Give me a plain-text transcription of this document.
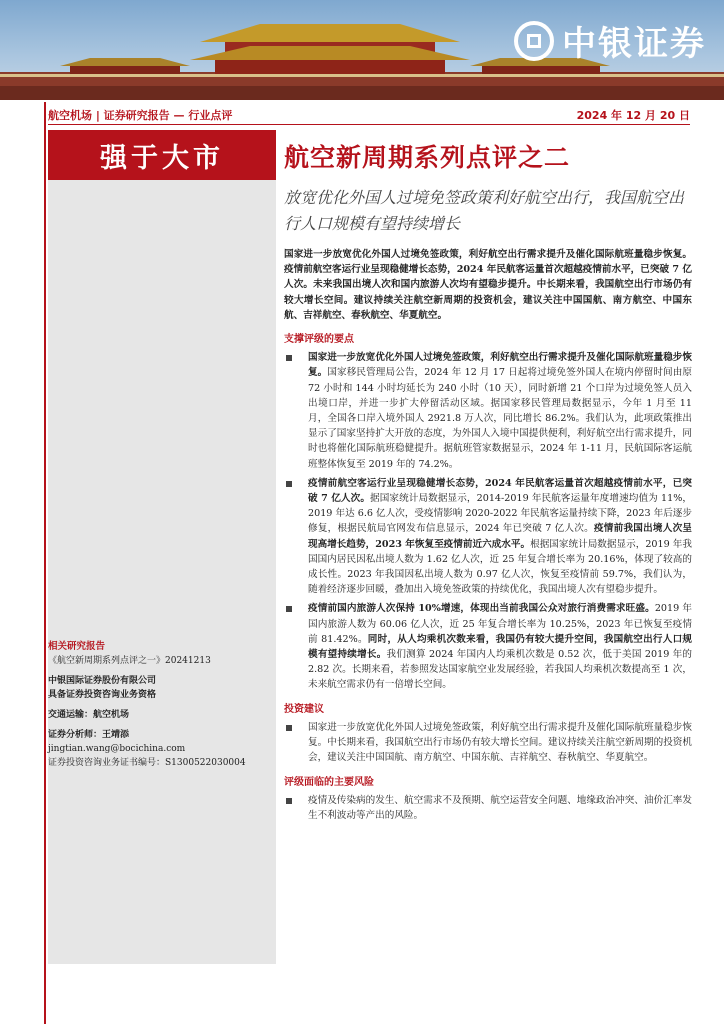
中银证券
航空机场 | 证券研究报告 — 行业点评	2024 年 12 月 20 日
强于大市
相关研究报告
《航空新周期系列点评之一》20241213
中银国际证券股份有限公司
具备证券投资咨询业务资格
交通运输：航空机场
证券分析师：王靖添
jingtian.wang@bocichina.com
证券投资咨询业务证书编号：S1300522030004
航空新周期系列点评之二
放宽优化外国人过境免签政策利好航空出行，我国航空出行人口规模有望持续增长

国家进一步放宽优化外国人过境免签政策，利好航空出行需求提升及催化国际航班量稳步恢复。疫情前航空客运行业呈现稳健增长态势，2024 年民航客运量首次超越疫情前水平，已突破 7 亿人次。未来我国出境人次和国内旅游人次均有望稳步提升。中长期来看，我国航空出行市场仍有较大增长空间。建议持续关注航空新周期的投资机会，建议关注中国国航、南方航空、中国东航、吉祥航空、春秋航空、华夏航空。

支撑评级的要点
国家进一步放宽优化外国人过境免签政策，利好航空出行需求提升及催化国际航班量稳步恢复。国家移民管理局公告，2024 年 12 月 17 日起将过境免签外国人在境内停留时间由原 72 小时和 144 小时均延长为 240 小时（10 天），同时新增 21 个口岸为过境免签人员入出境口岸，并进一步扩大停留活动区域。据国家移民管理局数据显示，今年 1 月至 11 月，全国各口岸入境外国人 2921.8 万人次，同比增长 86.2%。我们认为，此项政策推出显示了国家坚持扩大开放的态度，为外国人入境中国提供便利，利好航空出行需求提升，同时也将催化国际航班稳健提升。据航班管家数据显示，2024 年 1-11 月，民航国际客运航班整体恢复至 2019 年的 74.2%。
疫情前航空客运行业呈现稳健增长态势，2024 年民航客运量首次超越疫情前水平，已突破 7 亿人次。据国家统计局数据显示，2014-2019 年民航客运量年度增速均值为 11%，2019 年达 6.6 亿人次，受疫情影响 2020-2022 年民航客运量持续下降，2023 年后逐步修复，根据民航局官网发布信息显示，2024 年已突破 7 亿人次。疫情前我国出境人次呈现高增长趋势，2023 年恢复至疫情前近六成水平。根据国家统计局数据显示，2019 年我国国内居民因私出境人数为 1.62 亿人次，近 25 年复合增长率为 20.16%，体现了较高的成长性。2023 年我国因私出境人数为 0.97 亿人次，恢复至疫情前 59.7%，我们认为，随着经济逐步回暖，叠加出入境免签政策的持续优化，我国出境人次有望稳步提升。
疫情前国内旅游人次保持 10%增速，体现出当前我国公众对旅行消费需求旺盛。2019 年国内旅游人数为 60.06 亿人次，近 25 年复合增长率为 10.25%，2023 年已恢复至疫情前 81.42%。同时，从人均乘机次数来看，我国仍有较大提升空间，我国航空出行人口规模有望持续增长。我们测算 2024 年国内人均乘机次数是 0.52 次，低于美国 2019 年的 2.82 次。长期来看，若参照发达国家航空业发展经验，若我国人均乘机次数提高至 1 次，未来航空需求仍有一倍增长空间。
投资建议
国家进一步放宽优化外国人过境免签政策，利好航空出行需求提升及催化国际航班量稳步恢复。中长期来看，我国航空出行市场仍有较大增长空间。建议持续关注航空新周期的投资机会，建议关注中国国航、南方航空、中国东航、吉祥航空、春秋航空、华夏航空。
评级面临的主要风险
疫情及传染病的发生、航空需求不及预期、航空运营安全问题、地缘政治冲突、油价汇率发生不利波动等产出的风险。
